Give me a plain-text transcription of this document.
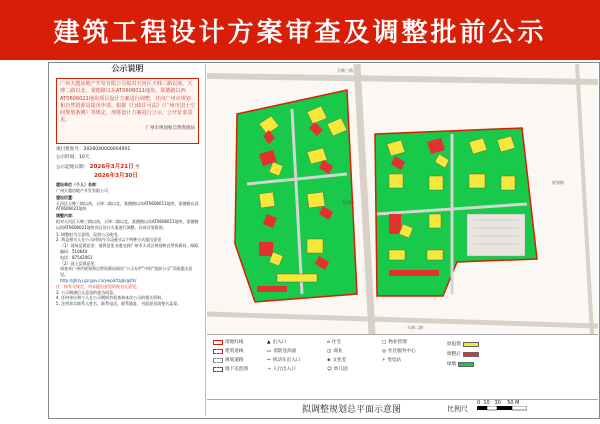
建筑工程设计方案审查及调整批前公示
公示说明
广州天越房地产开发有限公司拟对天河区天韩三路以南，天坤二路以北，棠德路以东AT0606011地块，棠德路以西AT0606021地块项目设计方案进行调整，并向广州市规划和自然资源局提出申请。根据《行政许可法》《广州市国土空间规划条例》等规定，现将设计方案进行公示，公开征求意见。
广州市规划和自然资源局
项目批复号：2026040000004901
公示时间：10天
公示起始日期： 2026年3月21日 至
2026年3月30日
建设单位（个人）名称：
广州天越房地产开发有限公司
建设位置：
天河区天韩三路以南，天坤二路以北，棠德路以东AT0606011地块，棠德路以西AT0606021地块
调整内容：
拟对天河区天韩三路以南，天坤二路以北，棠德路以东AT0606011地块，棠德路以西AT0606021地块项目设计方案进行调整，具体详见附图。
1. 调整拟为示意图，仅供公示使用。
2. 利益相关人在公示时间内可以通过以下两种方式提出意见：
（1）现场反馈意见：请将意见书递交到广州市天河区规划和自然资源局，邮政编码：510640
电话：87542061
（2）网上反馈意见：
请登录广州市规划和自然资源局网站“公示专栏”中的“批前公示”页面提出意见。
http://ghzyj.gz.gov.cn/ywpd/tzgh/gsfk/
注：按有关规定，对未提出意见的视为无意见。
3. 公示期满后无意见的视为同意。
4. 任何单位和个人在公示期间有权查询本次公示的相关资料。
5. 注明真实联系人姓名、联系电话、联系地址，书面意见请签名盖章。
天韩三路
天坤二路
棠德路
规划路
用地红线
建筑退线
规划道路
地下室范围
▲ 出入口
▭ 消防登高面
⇨ 机动车出入口
⇢ 人行出入口
⌂ 住宅
◫ 商业
◈ 文化室
☺ 幼儿园
□ 物业管理
◎ 社区服务中心
⚡ 变电站
原报建
调整后
绿地
拟调整规划总平面示意图	比例尺
0  10   30    50 M
